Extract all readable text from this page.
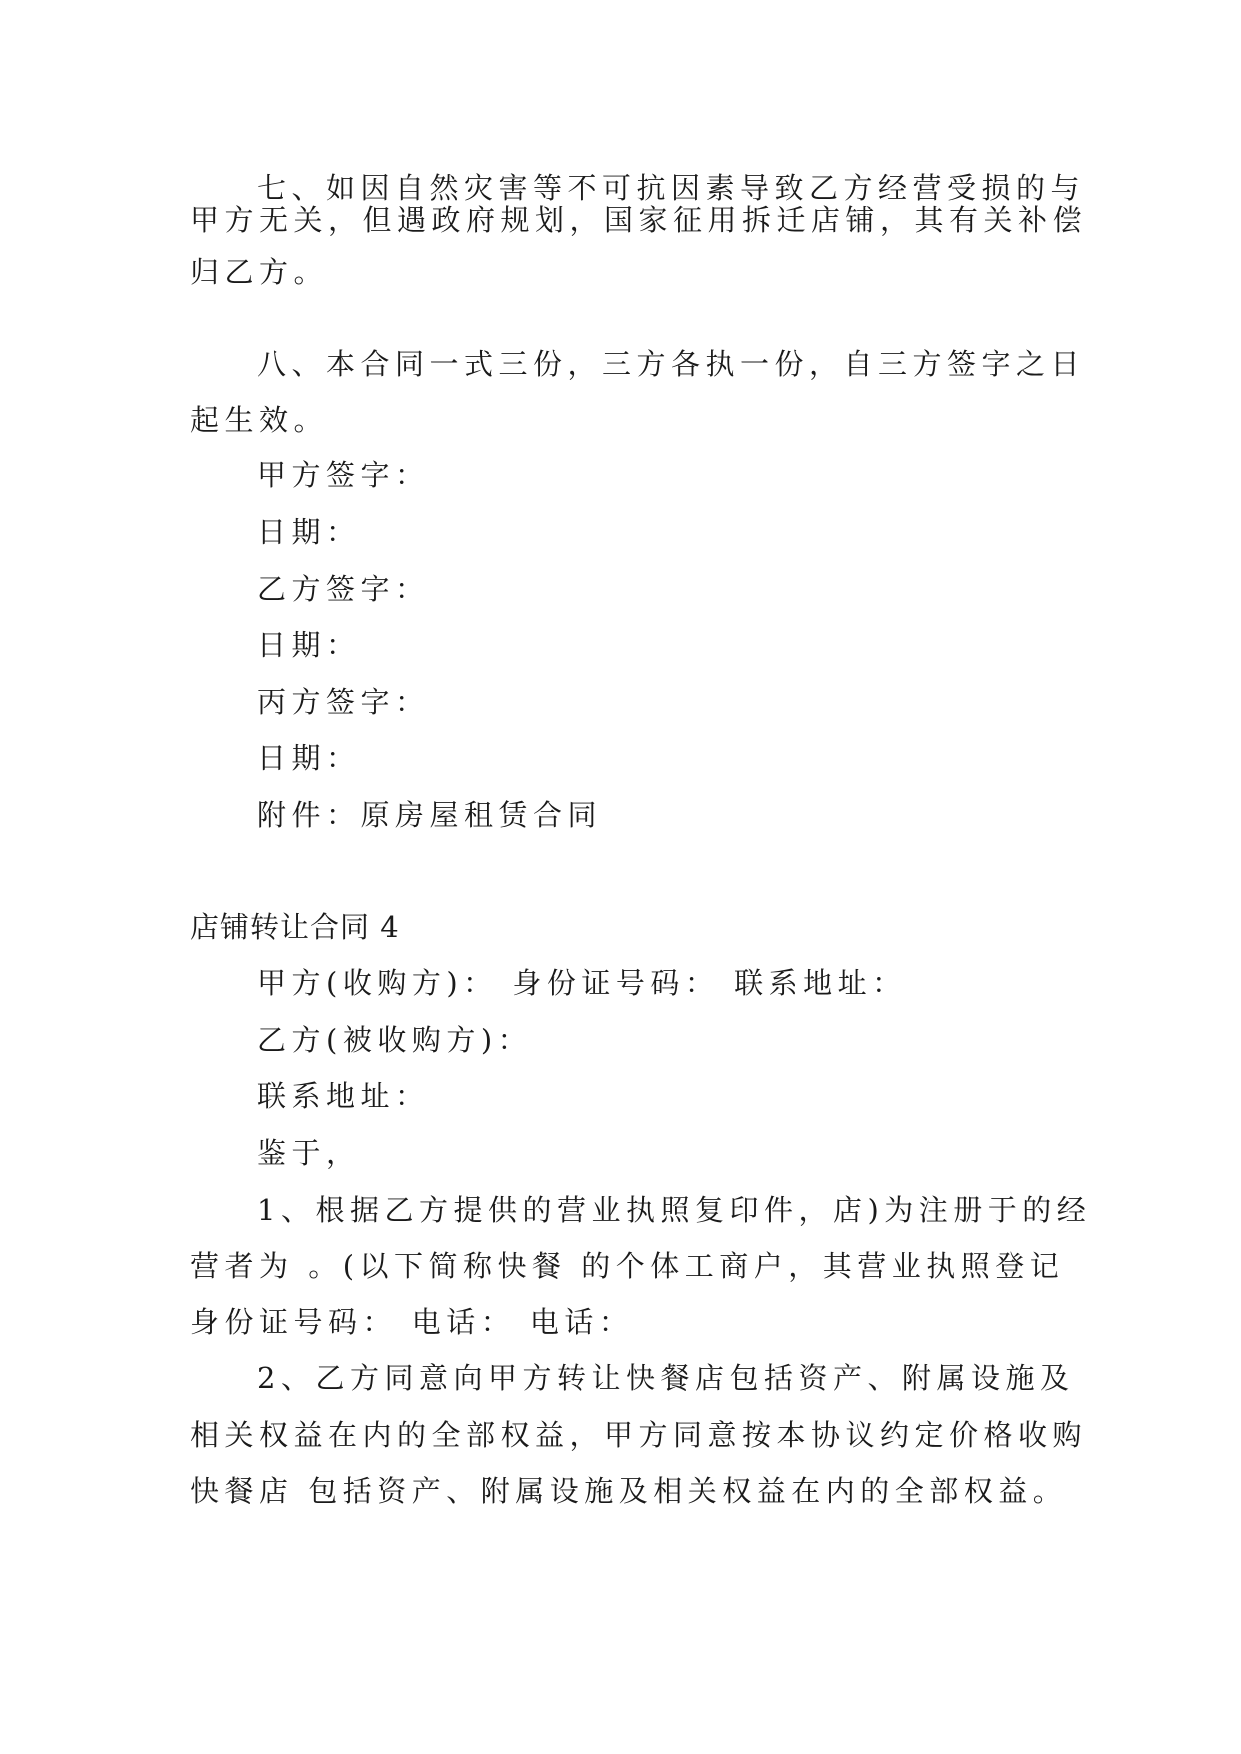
七、如因自然灾害等不可抗因素导致乙方经营受损的与
甲方无关，但遇政府规划，国家征用拆迁店铺，其有关补偿
归乙方。
八、本合同一式三份，三方各执一份，自三方签字之日
起生效。
甲方签字：
日期：
乙方签字：
日期：
丙方签字：
日期：
附件：原房屋租赁合同
店铺转让合同 4
甲方(收购方)： 身份证号码： 联系地址：
乙方(被收购方)：
联系地址：
鉴于，
1、根据乙方提供的营业执照复印件，店)为注册于的经
营者为 。(以下简称快餐 的个体工商户，其营业执照登记
身份证号码： 电话： 电话：
2、乙方同意向甲方转让快餐店包括资产、附属设施及
相关权益在内的全部权益，甲方同意按本协议约定价格收购
快餐店 包括资产、附属设施及相关权益在内的全部权益。
